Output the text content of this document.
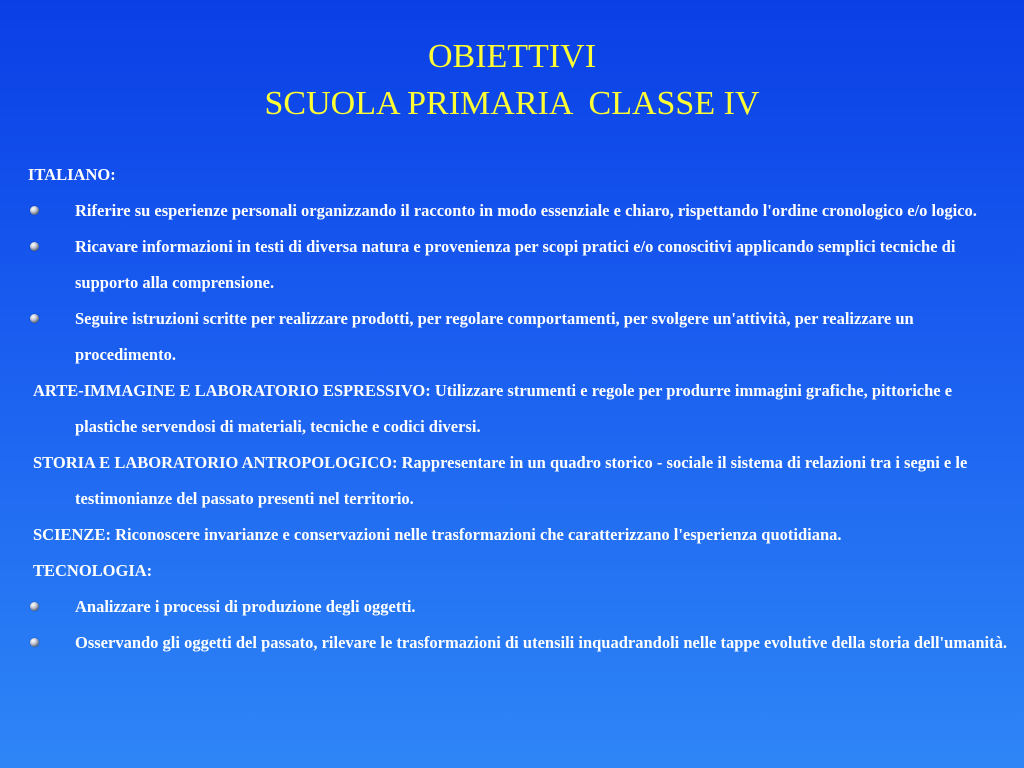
OBIETTIVI
SCUOLA PRIMARIA  CLASSE IV
ITALIANO:
Riferire su esperienze personali organizzando il racconto in modo essenziale e chiaro, rispettando l'ordine cronologico e/o logico.
Ricavare informazioni in testi di diversa natura e provenienza per scopi pratici e/o conoscitivi applicando semplici tecniche di supporto alla comprensione.
Seguire istruzioni scritte per realizzare prodotti, per regolare comportamenti, per svolgere un'attività, per realizzare un procedimento.
ARTE-IMMAGINE E LABORATORIO ESPRESSIVO: Utilizzare strumenti e regole per produrre immagini grafiche, pittoriche e plastiche servendosi di materiali, tecniche e codici diversi.
STORIA E LABORATORIO ANTROPOLOGICO: Rappresentare in un quadro storico - sociale il sistema di relazioni tra i segni e le testimonianze del passato presenti nel territorio.
SCIENZE: Riconoscere invarianze e conservazioni nelle trasformazioni che caratterizzano l'esperienza quotidiana.
TECNOLOGIA:
Analizzare i processi di produzione degli oggetti.
Osservando gli oggetti del passato, rilevare le trasformazioni di utensili inquadrandoli nelle tappe evolutive della storia dell'umanità.
